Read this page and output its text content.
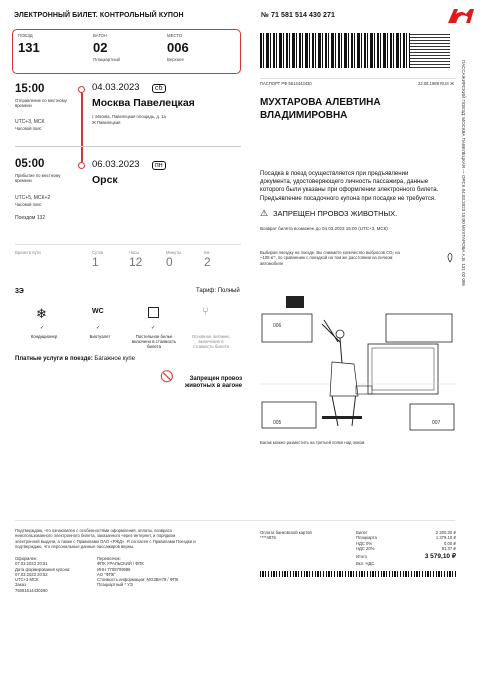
ЭЛЕКТРОННЫЙ БИЛЕТ. КОНТРОЛЬНЫЙ КУПОН	№ 71 581 514 430 271
ПОЕЗД
131
ВАГОН
02
Плацкартный
МЕСТО
006
Верхнее
15:00
Отправление по местному времени
UTC+3, МСК
Часовой пояс
04.03.2023	сб
Москва Павелецкая
г. Москва, Павелецкая площадь, д. 1а
Ж Павелецкая
05:00
Прибытие по местному времени
UTC+5, МСК+2
Часовой пояс
Поездом 132
06.03.2023	пн
Орск
Время в пути	Сутки
1
Часы
12
Минуты
0
Км
2
ПАСПОРТ РФ 5614443430	22.08.1989 RUS Ж
МУХТАРОВА АЛЕВТИНА
ВЛАДИМИРОВНА
Посадка в поезд осуществляется при предъявлении
документа, удостоверяющего личность пассажира, данные
которого были указаны при оформлении электронного билета.
Предъявление посадочного купона при посадке не требуется.
⚠ ЗАПРЕЩЕН ПРОВОЗ ЖИВОТНЫХ.
Возврат билета возможен до 04.03.2023 15:00 (UTC+3, МСК)
Выбирая поездку на поезде, Вы снижаете количество выбросов CO₂ на
~108 кг*, по сравнению с поездкой на том же расстоянии на личном
автомобиле
3Э	Тариф: Полный
❄
Кондиционер
WC
Биотуалет	Постельное белье
включено в стоимость
билета
⑂
Основное питание,
включение в
стоимость билета
✓	✓	✓
Платные услуги в поезде: Багажное купе
🚫	Запрещен провоз
животных в вагоне
006
005	007
Багаж можно разместить на третьей полке над окном
ПАССАЖИРСКИЙ ПОЕЗД: МОСКВА ПАВЕЛЕЦКАЯ — ОРСК 04.03.2023 15:00 МУХТАРОВА А.В. 131 02 006
Подтверждаю, что ознакомлен с особенностями оформления, оплаты, возврата
неиспользованного электронного билета, заказанного через интернет, и порядком
электронной выдачи, а также с Правилами ОАО «РЖД». Я согласен с Правилами Поездки и
подтверждаю, что персональные данные пассажиров верны.
Оформлен:
07.03.2023 20:51
Дата формирования купона:
07.03.2023 20:52
UTC+3 МСК
Заказ
75081514430290
Перевозчик:
ФПК УРАЛЬСКИЙ / ФПК
ИНН 7708709686
АО "ФПК"
Стоимость информации: МОЗВН79 / ФПК
Плацкартный * УЭ
Оплата банковской картой
****4876
Билет	2 200,30 ₽
Плацкарта	1 379,10 ₽
НДС 0%	0,00 ₽
НДС 20%	91,37 ₽
Итого	3 579,10 ₽
Вкл. НДС
